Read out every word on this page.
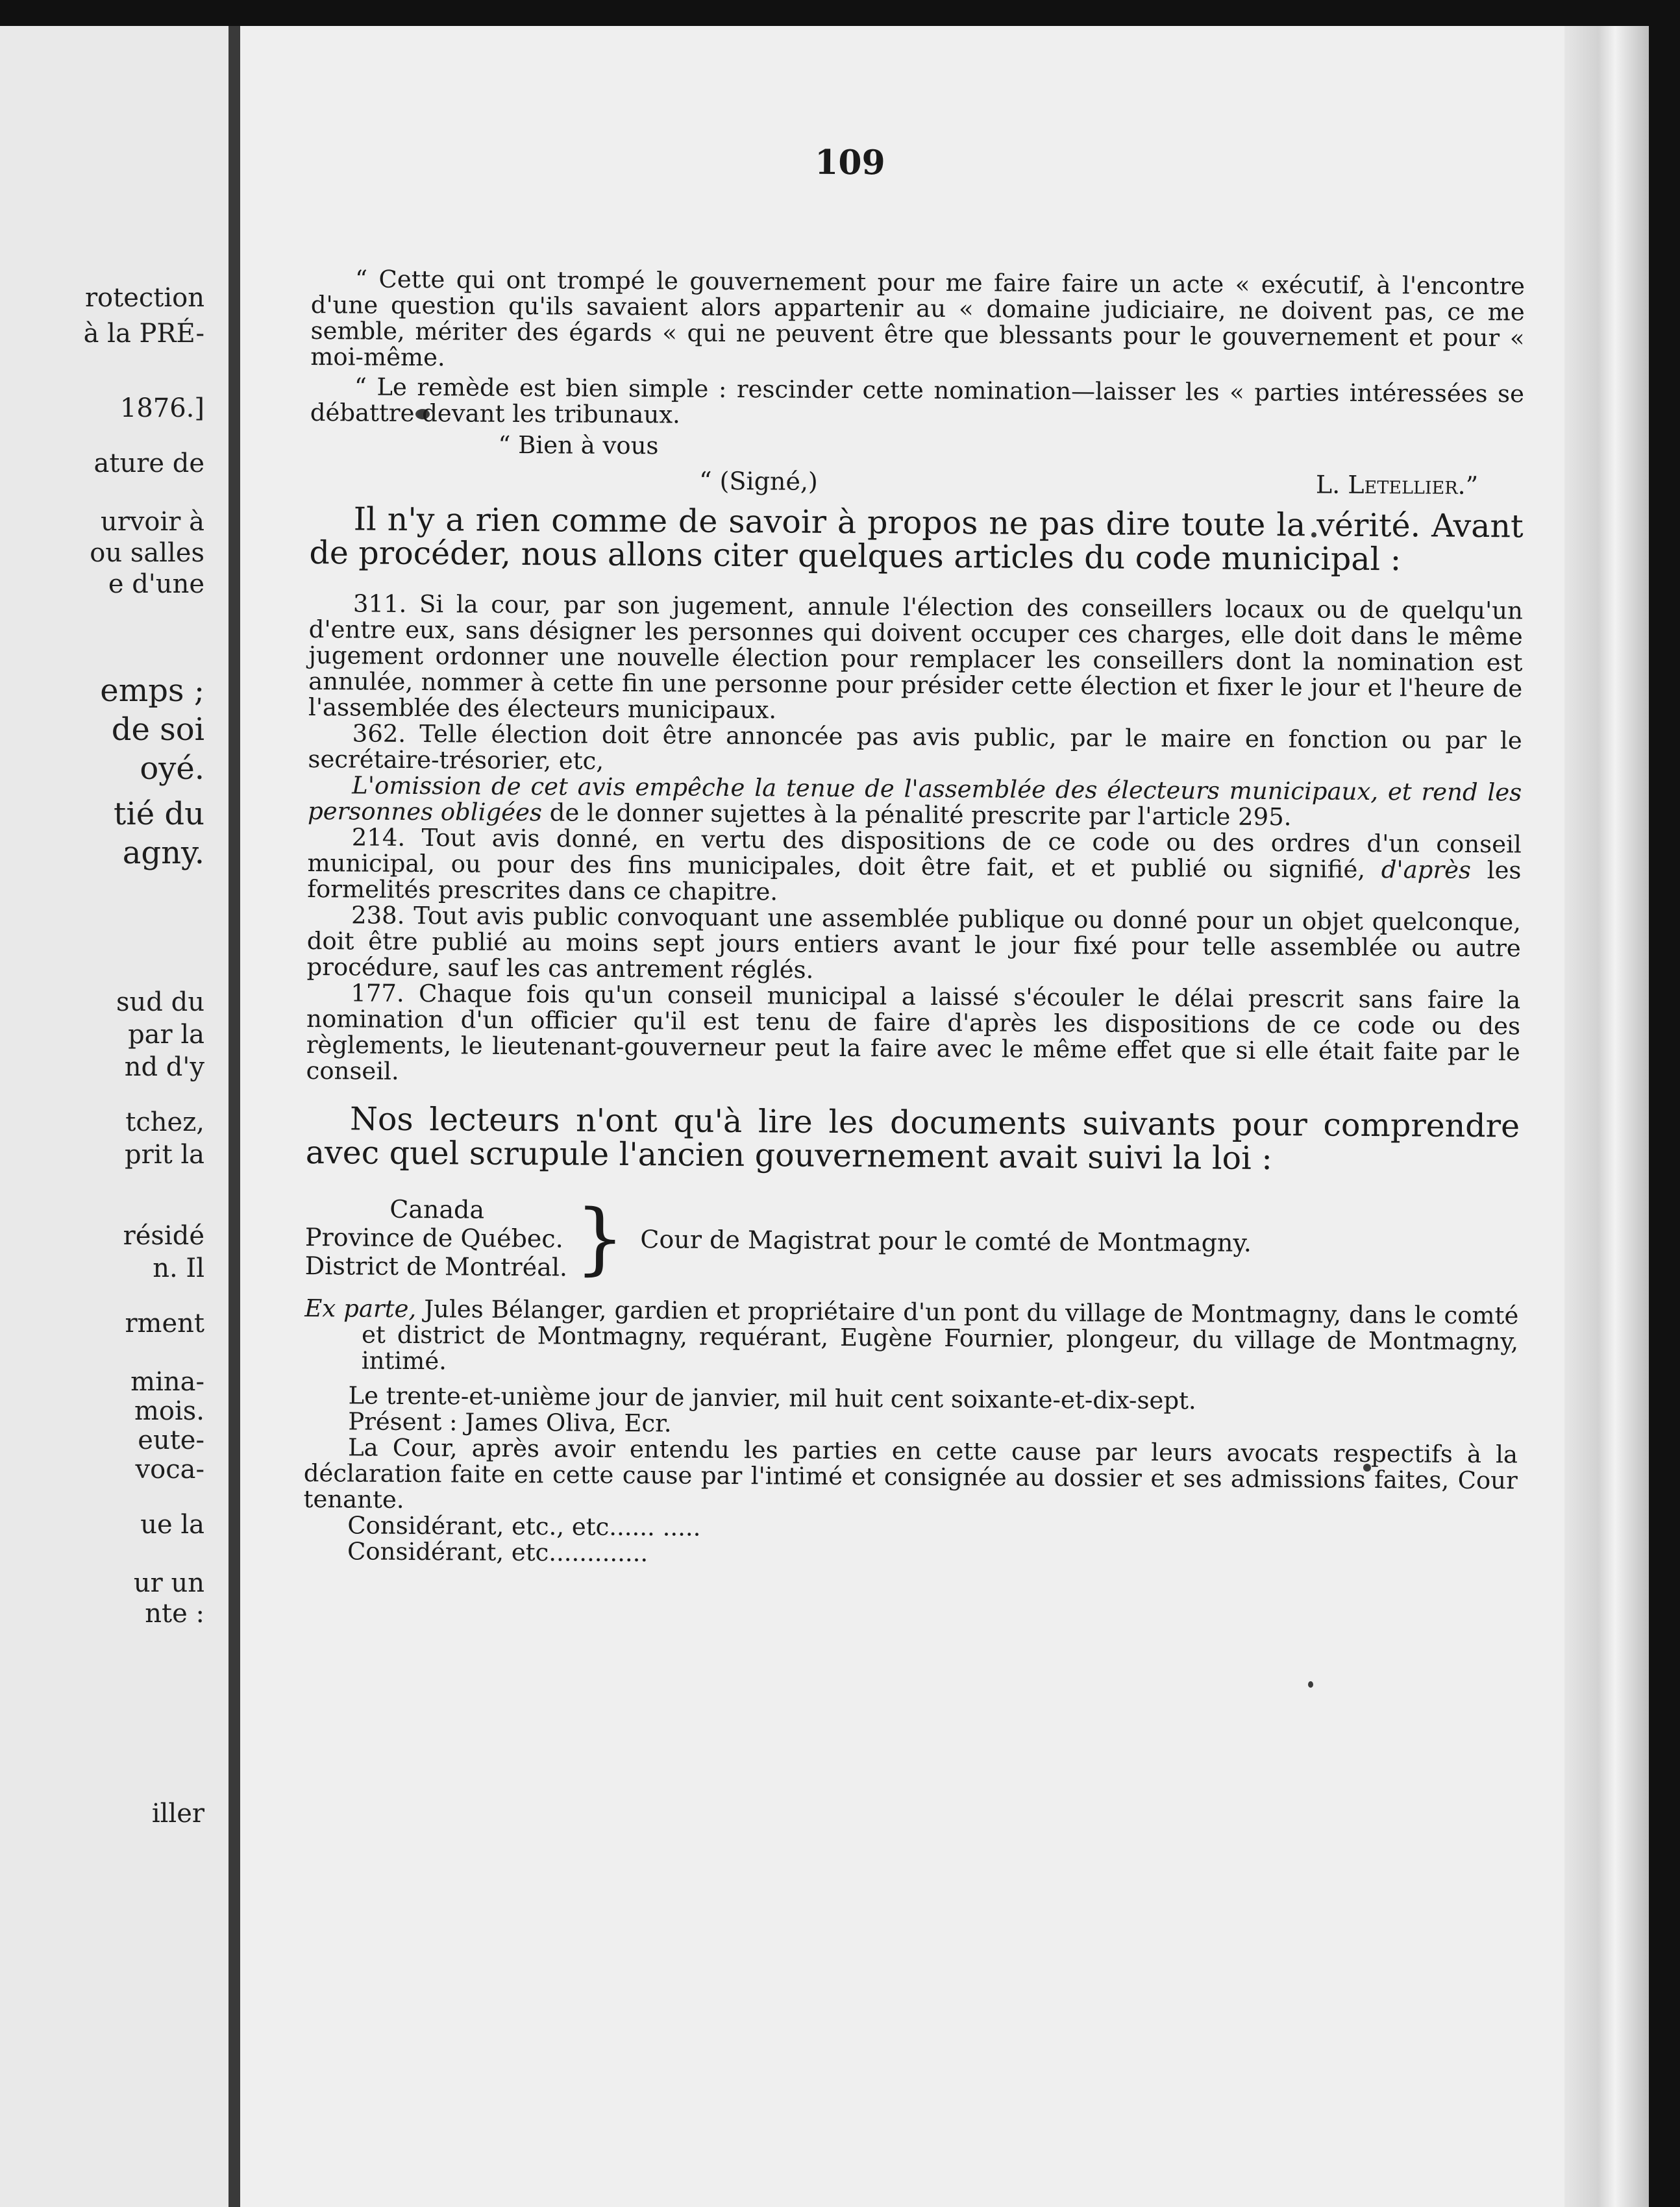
rotection
à la PRÉ-
1876.]
ature de
urvoir à
ou salles
e d'une
emps ;
de soi
oyé.
tié du
agny.
sud du
par la
nd d'y
tchez,
prit la
résidé
n. Il
rment
mina-
mois.
eute-
voca-
ue la
ur un
nte :
iller
109

“ Cette qui ont trompé le gouvernement pour me faire faire un acte « exécutif, à l'encontre d'une question qu'ils savaient alors appartenir au « domaine judiciaire, ne doivent pas, ce me semble, mériter des égards « qui ne peuvent être que blessants pour le gouvernement et pour « moi-même.

“ Le remède est bien simple : rescinder cette nomination—laisser les « parties intéressées se débattre devant les tribunaux.

“ Bien à vous

“ (Signé,)	L. Letellier.”

Il n'y a rien comme de savoir à propos ne pas dire toute la vérité. Avant de procéder, nous allons citer quelques articles du code municipal :

311. Si la cour, par son jugement, annule l'élection des conseillers locaux ou de quelqu'un d'entre eux, sans désigner les personnes qui doivent occuper ces charges, elle doit dans le même jugement ordonner une nouvelle élection pour remplacer les conseillers dont la nomination est annulée, nommer à cette fin une personne pour présider cette élection et fixer le jour et l'heure de l'assemblée des électeurs municipaux.

362. Telle élection doit être annoncée pas avis public, par le maire en fonction ou par le secrétaire-trésorier, etc,

L'omission de cet avis empêche la tenue de l'assemblée des électeurs municipaux, et rend les personnes obligées de le donner sujettes à la pénalité prescrite par l'article 295.

214. Tout avis donné, en vertu des dispositions de ce code ou des ordres d'un conseil municipal, ou pour des fins municipales, doit être fait, et et publié ou signifié, d'après les formelités prescrites dans ce chapitre.

238. Tout avis public convoquant une assemblée publique ou donné pour un objet quelconque, doit être publié au moins sept jours entiers avant le jour fixé pour telle assemblée ou autre procédure, sauf les cas antrement réglés.

177. Chaque fois qu'un conseil municipal a laissé s'écouler le délai prescrit sans faire la nomination d'un officier qu'il est tenu de faire d'après les dispositions de ce code ou des règlements, le lieutenant-gouverneur peut la faire avec le même effet que si elle était faite par le conseil.

Nos lecteurs n'ont qu'à lire les documents suivants pour comprendre avec quel scrupule l'ancien gouvernement avait suivi la loi :

Canada
Province de Québec.
District de Montréal. } Cour de Magistrat pour le comté de Montmagny.

Ex parte, Jules Bélanger, gardien et propriétaire d'un pont du village de Montmagny, dans le comté et district de Montmagny, requérant, Eugène Fournier, plongeur, du village de Montmagny, intimé.

Le trente-et-unième jour de janvier, mil huit cent soixante-et-dix-sept.

Présent : James Oliva, Ecr.

La Cour, après avoir entendu les parties en cette cause par leurs avocats respectifs à la déclaration faite en cette cause par l'intimé et consignée au dossier et ses admissions faites, Cour tenante.

Considérant, etc., etc...... .....

Considérant, etc.............
